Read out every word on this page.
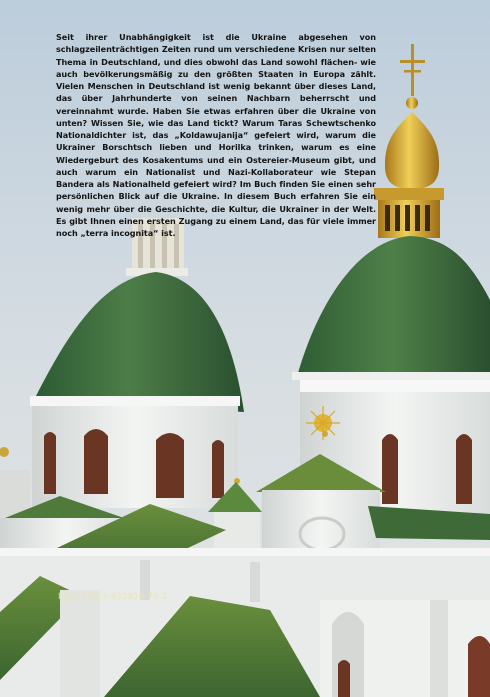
Seit ihrer Unabhängigkeit ist die Ukraine abgesehen von schlagzeilenträchtigen Zeiten rund um verschiedene Krisen nur selten Thema in Deutschland, und dies obwohl das Land sowohl flächen- wie auch bevölkerungsmäßig zu den größten Staaten in Europa zählt. Vielen Menschen in Deutschland ist wenig bekannt über dieses Land, das über Jahrhunderte von seinen Nachbarn beherrscht und vereinnahmt wurde. Haben Sie etwas erfahren über die Ukraine von unten? Wissen Sie, wie das Land tickt? Warum Taras Schewtschenko Nationaldichter ist, das „Koldawujanija“ gefeiert wird, warum die Ukrainer Borschtsch lieben und Horilka trinken, warum es eine Wiedergeburt des Kosakentums und ein Ostereier-Museum gibt, und auch warum ein Nationalist und Nazi-Kollaborateur wie Stepan Bandera als Nationalheld gefeiert wird? Im Buch finden Sie einen sehr persönlichen Blick auf die Ukraine. In diesem Buch erfahren Sie ein wenig mehr über die Geschichte, die Kultur, die Ukrainer in der Welt. Es gibt Ihnen einen ersten Zugang zu einem Land, das für viele immer noch „terra incognita“ ist.

ISBN 978-3-932916-76-2
